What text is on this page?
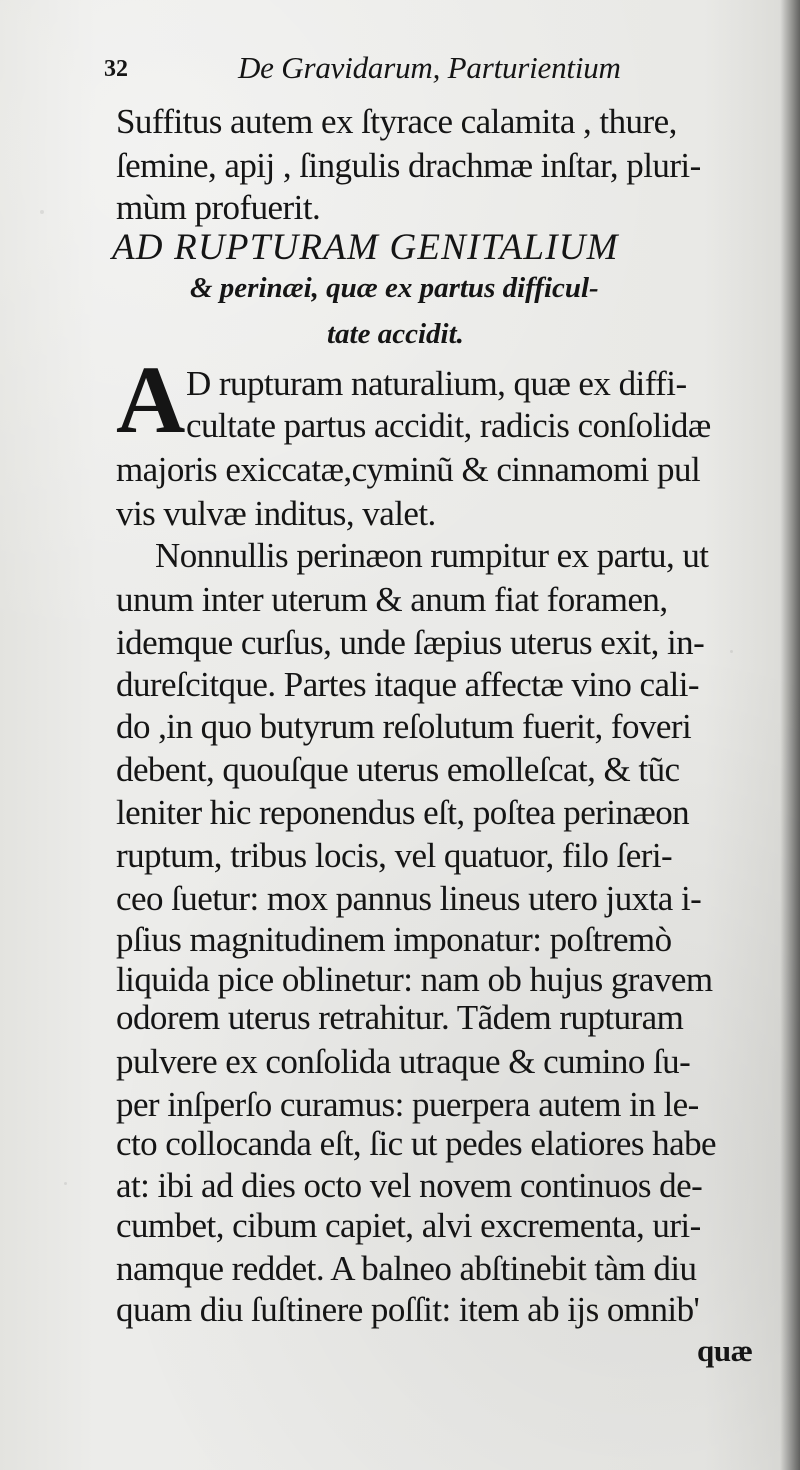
32	De Gravidarum, Parturientium
Suffitus autem ex ſtyrace calamita , thure,
ſemine, apij , ſingulis drachmæ inſtar, pluri-
mùm profuerit.
AD RUPTURAM GENITALIUM
& perinæi, quæ ex partus difficul-
tate accidit.
A D rupturam naturalium, quæ ex diffi-
cultate partus accidit, radicis conſolidæ
majoris exiccatæ,cyminũ & cinnamomi pul
vis vulvæ inditus, valet.
Nonnullis perinæon rumpitur ex partu, ut
unum inter uterum & anum fiat foramen,
idemque curſus, unde ſæpius uterus exit, in-
dureſcitque. Partes itaque affectæ vino cali-
do ,in quo butyrum reſolutum fuerit, foveri
debent, quouſque uterus emolleſcat, & tũc
leniter hic reponendus eſt, poſtea perinæon
ruptum, tribus locis, vel quatuor, filo ſeri-
ceo ſuetur: mox pannus lineus utero juxta i-
pſius magnitudinem imponatur: poſtremò
liquida pice oblinetur: nam ob hujus gravem
odorem uterus retrahitur. Tãdem rupturam
pulvere ex conſolida utraque & cumino ſu-
per inſperſo curamus: puerpera autem in le-
cto collocanda eſt, ſic ut pedes elatiores habe
at: ibi ad dies octo vel novem continuos de-
cumbet, cibum capiet, alvi excrementa, uri-
namque reddet. A balneo abſtinebit tàm diu
quam diu ſuſtinere poſſit: item ab ijs omnib'
quæ
